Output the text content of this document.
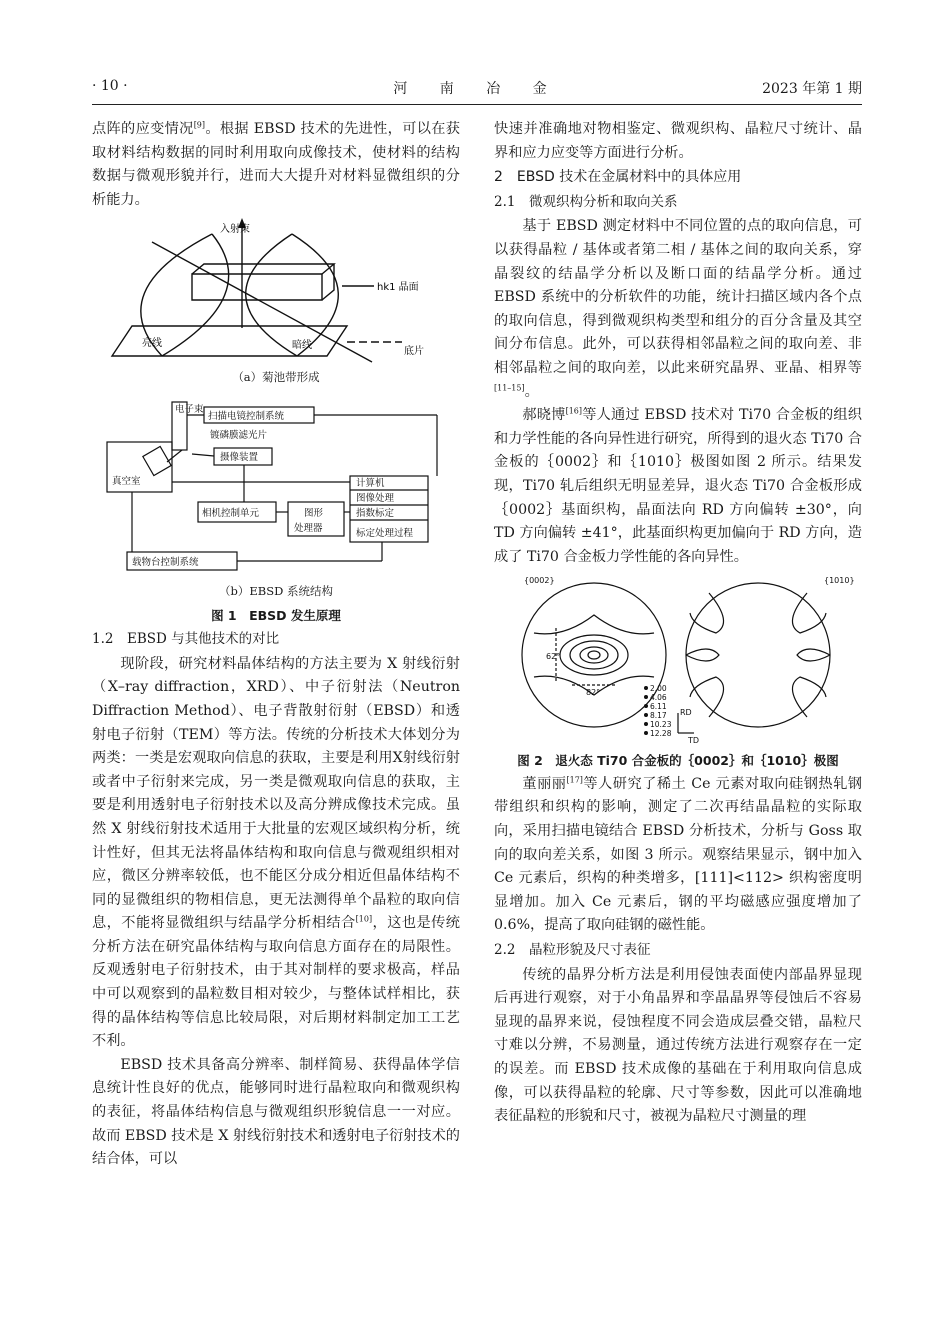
· 10 ·	河 南 冶 金	2023 年第 1 期

点阵的应变情况[9]。根据 EBSD 技术的先进性，可以在获取材料结构数据的同时利用取向成像技术，使材料的结构数据与微观形貌并行，进而大大提升对材料显微组织的分析能力。

入射束
hk1 晶面
亮线	暗线
底片
（a）菊池带形成
电子束
扫描电镜控制系统
镀磷膜滤光片
摄像装置
真空室	计算机
图像处理
指数标定
标定处理过程
相机控制单元	图形
处理器
载物台控制系统
（b）EBSD 系统结构
图 1　EBSD 发生原理

1.2　EBSD 与其他技术的对比

现阶段，研究材料晶体结构的方法主要为 X 射线衍射（X–ray diffraction，XRD）、中子衍射法（Neutron Diffraction Method）、电子背散射衍射（EBSD）和透射电子衍射（TEM）等方法。传统的分析技术大体划分为两类：一类是宏观取向信息的获取，主要是利用X射线衍射或者中子衍射来完成，另一类是微观取向信息的获取，主要是利用透射电子衍射技术以及高分辨成像技术完成。虽然 X 射线衍射技术适用于大批量的宏观区域织构分析，统计性好，但其无法将晶体结构和取向信息与微观组织相对应，微区分辨率较低，也不能区分成分相近但晶体结构不同的显微组织的物相信息，更无法测得单个晶粒的取向信息，不能将显微组织与结晶学分析相结合[10]，这也是传统分析方法在研究晶体结构与取向信息方面存在的局限性。反观透射电子衍射技术，由于其对制样的要求极高，样品中可以观察到的晶粒数目相对较少，与整体试样相比，获得的晶体结构等信息比较局限，对后期材料制定加工工艺不利。

EBSD 技术具备高分辨率、制样简易、获得晶体学信息统计性良好的优点，能够同时进行晶粒取向和微观织构的表征，将晶体结构信息与微观组织形貌信息一一对应。故而 EBSD 技术是 X 射线衍射技术和透射电子衍射技术的结合体，可以

快速并准确地对物相鉴定、微观织构、晶粒尺寸统计、晶界和应力应变等方面进行分析。

2　EBSD 技术在金属材料中的具体应用

2.1　微观织构分析和取向关系

基于 EBSD 测定材料中不同位置的点的取向信息，可以获得晶粒 / 基体或者第二相 / 基体之间的取向关系，穿晶裂纹的结晶学分析以及断口面的结晶学分析。通过 EBSD 系统中的分析软件的功能，统计扫描区域内各个点的取向信息，得到微观织构类型和组分的百分含量及其空间分布信息。此外，可以获得相邻晶粒之间的取向差、非相邻晶粒之间的取向差，以此来研究晶界、亚晶、相界等[11–15]。

郝晓博[16]等人通过 EBSD 技术对 Ti70 合金板的组织和力学性能的各向异性进行研究，所得到的退火态 Ti70 合金板的｛0002｝和｛1010｝极图如图 2 所示。结果发现，Ti70 轧后组织无明显差异，退火态 Ti70 合金板形成｛0002｝基面织构，晶面法向 RD 方向偏转 ±30°，向 TD 方向偏转 ±41°，此基面织构更加偏向于 RD 方向，造成了 Ti70 合金板力学性能的各向异性。

{0002}	{1010}
62°
82°
RD
TD
2.00
4.06
6.11
8.17
10.23
12.28
图 2　退火态 Ti70 合金板的｛0002｝和｛1010｝极图

董丽丽[17]等人研究了稀土 Ce 元素对取向硅钢热轧钢带组织和织构的影响，测定了二次再结晶晶粒的实际取向，采用扫描电镜结合 EBSD 分析技术，分析与 Goss 取向的取向差关系，如图 3 所示。观察结果显示，钢中加入 Ce 元素后，织构的种类增多，[111]<112> 织构密度明显增加。加入 Ce 元素后，钢的平均磁感应强度增加了 0.6%，提高了取向硅钢的磁性能。

2.2　晶粒形貌及尺寸表征

传统的晶界分析方法是利用侵蚀表面使内部晶界显现后再进行观察，对于小角晶界和孪晶晶界等侵蚀后不容易显现的晶界来说，侵蚀程度不同会造成层叠交错，晶粒尺寸难以分辨，不易测量，通过传统方法进行观察存在一定的误差。而 EBSD 技术成像的基础在于利用取向信息成像，可以获得晶粒的轮廓、尺寸等参数，因此可以准确地表征晶粒的形貌和尺寸，被视为晶粒尺寸测量的理
